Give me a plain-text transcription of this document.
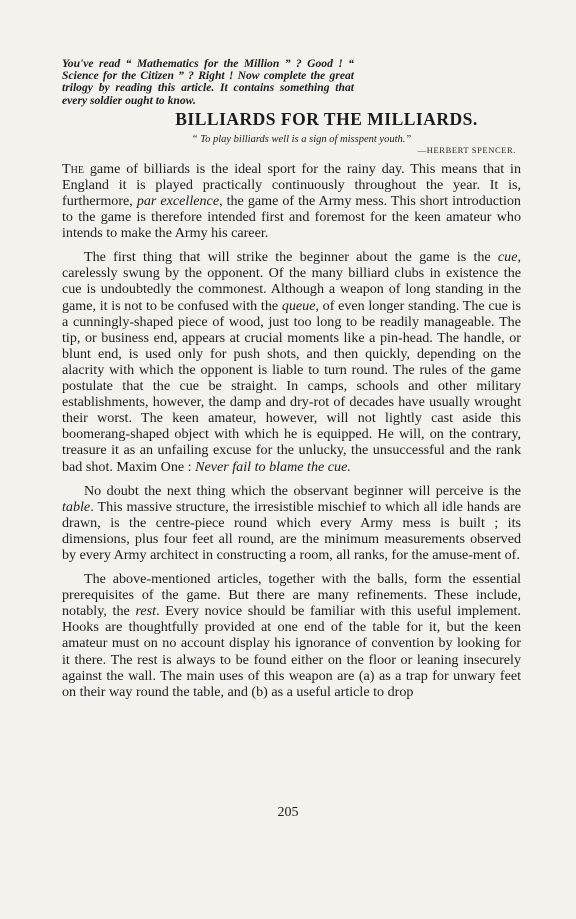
You've read “ Mathematics for the Million ” ? Good ! “ Science for the Citizen ” ? Right ! Now complete the great trilogy by reading this article. It contains something that every soldier ought to know.

BILLIARDS FOR THE MILLIARDS.

“ To play billiards well is a sign of misspent youth.”

—HERBERT SPENCER.

The game of billiards is the ideal sport for the rainy day. This means that in England it is played practically continuously throughout the year. It is, furthermore, par excellence, the game of the Army mess. This short introduction to the game is therefore intended first and foremost for the keen amateur who intends to make the Army his career.

The first thing that will strike the beginner about the game is the cue, carelessly swung by the opponent. Of the many billiard clubs in existence the cue is undoubtedly the commonest. Although a weapon of long standing in the game, it is not to be confused with the queue, of even longer standing. The cue is a cunningly-shaped piece of wood, just too long to be readily manageable. The tip, or business end, appears at crucial moments like a pin-head. The handle, or blunt end, is used only for push shots, and then quickly, depending on the alacrity with which the opponent is liable to turn round. The rules of the game postulate that the cue be straight. In camps, schools and other military establishments, however, the damp and dry-rot of decades have usually wrought their worst. The keen amateur, however, will not lightly cast aside this boomerang-shaped object with which he is equipped. He will, on the contrary, treasure it as an unfailing excuse for the unlucky, the unsuccessful and the rank bad shot. Maxim One : Never fail to blame the cue.

No doubt the next thing which the observant beginner will perceive is the table. This massive structure, the irresistible mischief to which all idle hands are drawn, is the centre-piece round which every Army mess is built ; its dimensions, plus four feet all round, are the minimum measurements observed by every Army architect in constructing a room, all ranks, for the amuse-ment of.

The above-mentioned articles, together with the balls, form the essential prerequisites of the game. But there are many refinements. These include, notably, the rest. Every novice should be familiar with this useful implement. Hooks are thoughtfully provided at one end of the table for it, but the keen amateur must on no account display his ignorance of convention by looking for it there. The rest is always to be found either on the floor or leaning insecurely against the wall. The main uses of this weapon are (a) as a trap for unwary feet on their way round the table, and (b) as a useful article to drop

205
